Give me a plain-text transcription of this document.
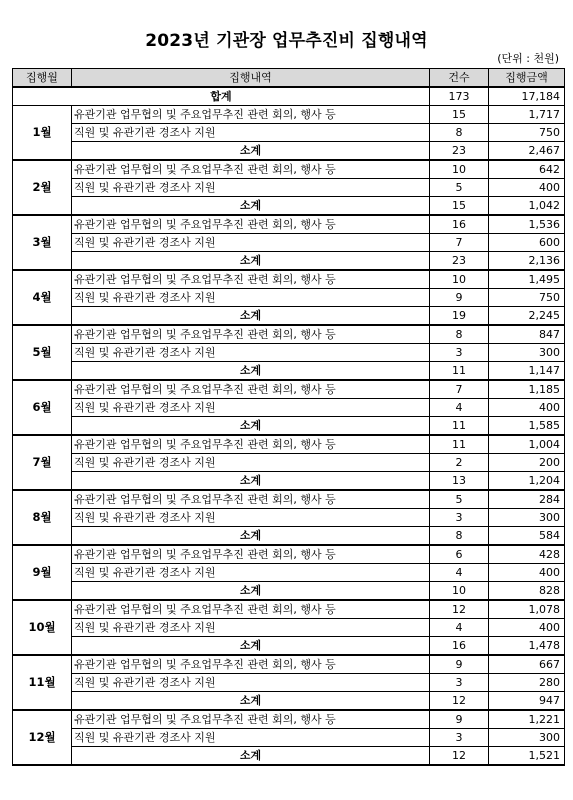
2023년 기관장 업무추진비 집행내역
(단위 : 천원)
집행월	집행내역	건수	집행금액
합계		173	17,184
1월	유관기관 업무협의 및 주요업무추진 관련 회의, 행사 등	15	1,717
	직원 및 유관기관 경조사 지원	8	750
	소계	23	2,467
2월	유관기관 업무협의 및 주요업무추진 관련 회의, 행사 등	10	642
	직원 및 유관기관 경조사 지원	5	400
	소계	15	1,042
3월	유관기관 업무협의 및 주요업무추진 관련 회의, 행사 등	16	1,536
	직원 및 유관기관 경조사 지원	7	600
	소계	23	2,136
4월	유관기관 업무협의 및 주요업무추진 관련 회의, 행사 등	10	1,495
	직원 및 유관기관 경조사 지원	9	750
	소계	19	2,245
5월	유관기관 업무협의 및 주요업무추진 관련 회의, 행사 등	8	847
	직원 및 유관기관 경조사 지원	3	300
	소계	11	1,147
6월	유관기관 업무협의 및 주요업무추진 관련 회의, 행사 등	7	1,185
	직원 및 유관기관 경조사 지원	4	400
	소계	11	1,585
7월	유관기관 업무협의 및 주요업무추진 관련 회의, 행사 등	11	1,004
	직원 및 유관기관 경조사 지원	2	200
	소계	13	1,204
8월	유관기관 업무협의 및 주요업무추진 관련 회의, 행사 등	5	284
	직원 및 유관기관 경조사 지원	3	300
	소계	8	584
9월	유관기관 업무협의 및 주요업무추진 관련 회의, 행사 등	6	428
	직원 및 유관기관 경조사 지원	4	400
	소계	10	828
10월	유관기관 업무협의 및 주요업무추진 관련 회의, 행사 등	12	1,078
	직원 및 유관기관 경조사 지원	4	400
	소계	16	1,478
11월	유관기관 업무협의 및 주요업무추진 관련 회의, 행사 등	9	667
	직원 및 유관기관 경조사 지원	3	280
	소계	12	947
12월	유관기관 업무협의 및 주요업무추진 관련 회의, 행사 등	9	1,221
	직원 및 유관기관 경조사 지원	3	300
	소계	12	1,521
